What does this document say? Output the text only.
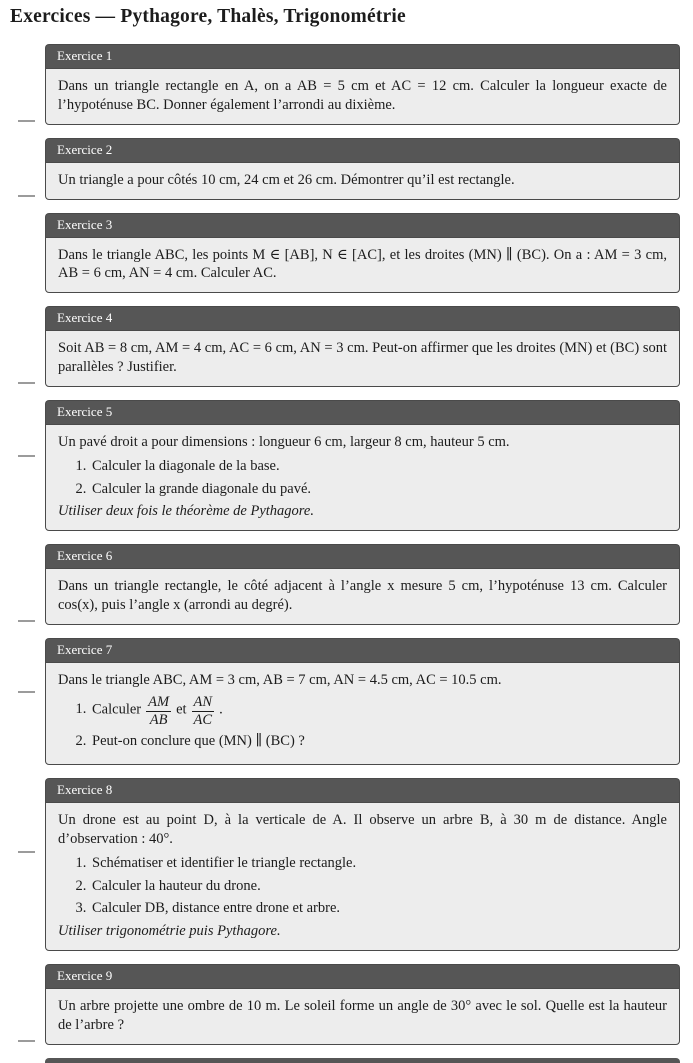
Exercices — Pythagore, Thalès, Trigonométrie
Exercice 1

Dans un triangle rectangle en A, on a AB = 5 cm et AC = 12 cm. Calculer la longueur exacte de l’hypoténuse BC. Donner également l’arrondi au dixième.

Exercice 2

Un triangle a pour côtés 10 cm, 24 cm et 26 cm. Démontrer qu’il est rectangle.

Exercice 3

Dans le triangle ABC, les points M ∈ [AB], N ∈ [AC], et les droites (MN) ∥ (BC). On a : AM = 3 cm, AB = 6 cm, AN = 4 cm. Calculer AC.

Exercice 4

Soit AB = 8 cm, AM = 4 cm, AC = 6 cm, AN = 3 cm. Peut-on affirmer que les droites (MN) et (BC) sont parallèles ? Justifier.

Exercice 5

Un pavé droit a pour dimensions : longueur 6 cm, largeur 8 cm, hauteur 5 cm.

1. Calculer la diagonale de la base.
2. Calculer la grande diagonale du pavé.

Utiliser deux fois le théorème de Pythagore.

Exercice 6

Dans un triangle rectangle, le côté adjacent à l’angle x mesure 5 cm, l’hypoténuse 13 cm. Calculer cos(x), puis l’angle x (arrondi au degré).

Exercice 7

Dans le triangle ABC, AM = 3 cm, AB = 7 cm, AN = 4.5 cm, AC = 10.5 cm.

1. Calculer $\frac{AM}{AB}$ et $\frac{AN}{AC}$ .
2. Peut-on conclure que (MN) ∥ (BC) ?
Exercice 8

Un drone est au point D, à la verticale de A. Il observe un arbre B, à 30 m de distance. Angle d’observation : 40°.

1. Schématiser et identifier le triangle rectangle.
2. Calculer la hauteur du drone.
3. Calculer DB, distance entre drone et arbre.

Utiliser trigonométrie puis Pythagore.

Exercice 9

Un arbre projette une ombre de 10 m. Le soleil forme un angle de 30° avec le sol. Quelle est la hauteur de l’arbre ?
